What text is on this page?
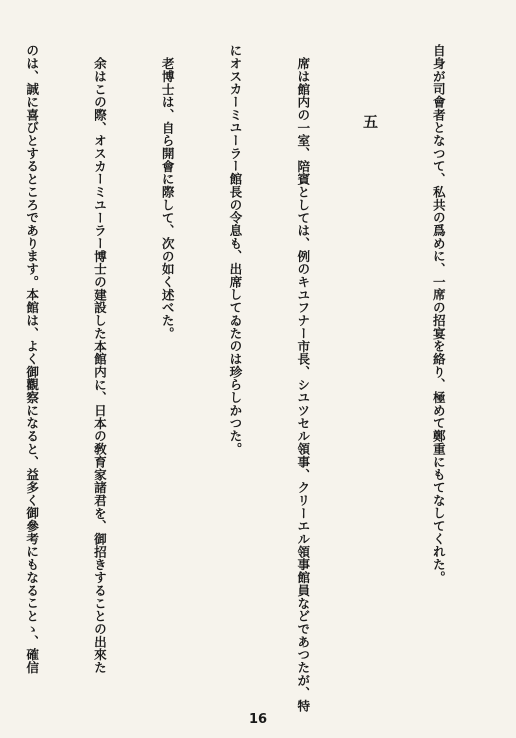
自身が司會者となつて、私共の爲めに、一席の招宴を絡り、極めて鄭重にもてなしてくれた。

五

席は館内の一室、陪賓としては、例のキユフナー市長、シユツセル領事、クリーエル領事館員などであつたが、特

にオスカーミユーラー館長の令息も、出席してゐたのは珍らしかつた。

老博士は、自ら開會に際して、次の如く述べた。

余はこの際、オスカーミユーラー博士の建設した本館内に、日本の敎育家諸君を、御招きすることの出來た

のは、誠に喜びとするところであります。本館は、よく御觀察になると、益多く御參考にもなることゝ、確信

16
